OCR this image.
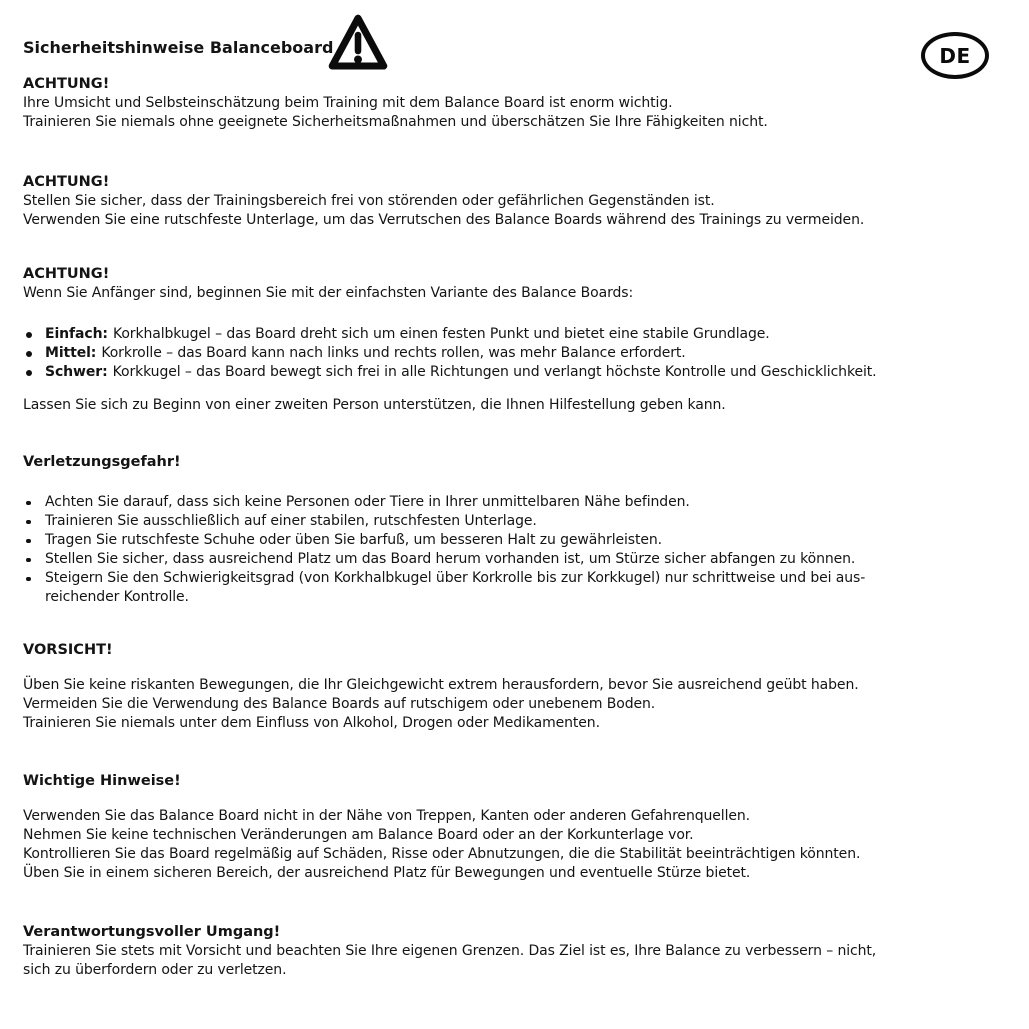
Sicherheitshinweise Balanceboard	DE
ACHTUNG!
Ihre Umsicht und Selbsteinschätzung beim Training mit dem Balance Board ist enorm wichtig.
Trainieren Sie niemals ohne geeignete Sicherheitsmaßnahmen und überschätzen Sie Ihre Fähigkeiten nicht.
ACHTUNG!
Stellen Sie sicher, dass der Trainingsbereich frei von störenden oder gefährlichen Gegenständen ist.
Verwenden Sie eine rutschfeste Unterlage, um das Verrutschen des Balance Boards während des Trainings zu vermeiden.
ACHTUNG!
Wenn Sie Anfänger sind, beginnen Sie mit der einfachsten Variante des Balance Boards:
Einfach: Korkhalbkugel – das Board dreht sich um einen festen Punkt und bietet eine stabile Grundlage.
Mittel: Korkrolle – das Board kann nach links und rechts rollen, was mehr Balance erfordert.
Schwer: Korkkugel – das Board bewegt sich frei in alle Richtungen und verlangt höchste Kontrolle und Geschicklichkeit.
Lassen Sie sich zu Beginn von einer zweiten Person unterstützen, die Ihnen Hilfestellung geben kann.
Verletzungsgefahr!
Achten Sie darauf, dass sich keine Personen oder Tiere in Ihrer unmittelbaren Nähe befinden.
Trainieren Sie ausschließlich auf einer stabilen, rutschfesten Unterlage.
Tragen Sie rutschfeste Schuhe oder üben Sie barfuß, um besseren Halt zu gewährleisten.
Stellen Sie sicher, dass ausreichend Platz um das Board herum vorhanden ist, um Stürze sicher abfangen zu können.
Steigern Sie den Schwierigkeitsgrad (von Korkhalbkugel über Korkrolle bis zur Korkkugel) nur schrittweise und bei aus-
reichender Kontrolle.
VORSICHT!
Üben Sie keine riskanten Bewegungen, die Ihr Gleichgewicht extrem herausfordern, bevor Sie ausreichend geübt haben.
Vermeiden Sie die Verwendung des Balance Boards auf rutschigem oder unebenem Boden.
Trainieren Sie niemals unter dem Einfluss von Alkohol, Drogen oder Medikamenten.
Wichtige Hinweise!
Verwenden Sie das Balance Board nicht in der Nähe von Treppen, Kanten oder anderen Gefahrenquellen.
Nehmen Sie keine technischen Veränderungen am Balance Board oder an der Korkunterlage vor.
Kontrollieren Sie das Board regelmäßig auf Schäden, Risse oder Abnutzungen, die die Stabilität beeinträchtigen könnten.
Üben Sie in einem sicheren Bereich, der ausreichend Platz für Bewegungen und eventuelle Stürze bietet.
Verantwortungsvoller Umgang!
Trainieren Sie stets mit Vorsicht und beachten Sie Ihre eigenen Grenzen. Das Ziel ist es, Ihre Balance zu verbessern – nicht,
sich zu überfordern oder zu verletzen.
